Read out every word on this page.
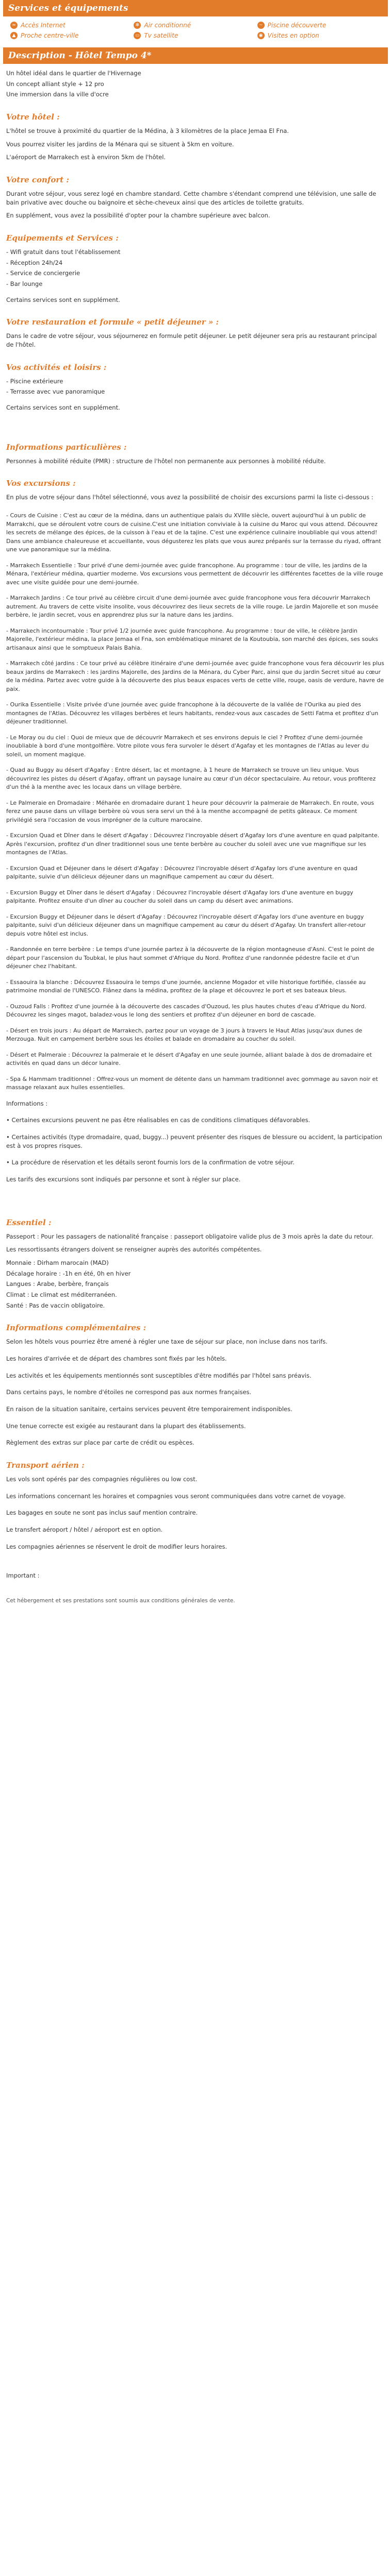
Services et équipements
≈ Accès Internet	✻ Air conditionné	~ Piscine découverte
▲ Proche centre-ville	▭ Tv satellite	◉ Visites en option
Description - Hôtel Tempo 4*

Un hôtel idéal dans le quartier de l'Hivernage

Un concept alliant style + 12 pro

Une immersion dans la ville d'ocre

Votre hôtel :

L'hôtel se trouve à proximité du quartier de la Médina, à 3 kilomètres de la place Jemaa El Fna.

Vous pourrez visiter les jardins de la Ménara qui se situent à 5km en voiture.

L'aéroport de Marrakech est à environ 5km de l'hôtel.

Votre confort :

Durant votre séjour, vous serez logé en chambre standard. Cette chambre s'étendant comprend une télévision, une salle de bain privative avec douche ou baignoire et sèche-cheveux ainsi que des articles de toilette gratuits.

En supplément, vous avez la possibilité d'opter pour la chambre supérieure avec balcon.

Equipements et Services :

- Wifi gratuit dans tout l'établissement

- Réception 24h/24

- Service de conciergerie

- Bar lounge

Certains services sont en supplément.

Votre restauration et formule « petit déjeuner » :

Dans le cadre de votre séjour, vous séjournerez en formule petit déjeuner. Le petit déjeuner sera pris au restaurant principal de l'hôtel.

Vos activités et loisirs :

- Piscine extérieure

- Terrasse avec vue panoramique

Certains services sont en supplément.

Informations particulières :

Personnes à mobilité réduite (PMR) : structure de l'hôtel non permanente aux personnes à mobilité réduite.

Vos excursions :

En plus de votre séjour dans l'hôtel sélectionné, vous avez la possibilité de choisir des excursions parmi la liste ci-dessous :

- Cours de Cuisine : C'est au cœur de la médina, dans un authentique palais du XVIIIe siècle, ouvert aujourd'hui à un public de Marrakchi, que se déroulent votre cours de cuisine.C'est une initiation conviviale à la cuisine du Maroc qui vous attend. Découvrez les secrets de mélange des épices, de la cuisson à l'eau et de la tajine. C'est une expérience culinaire inoubliable qui vous attend! Dans une ambiance chaleureuse et accueillante, vous dégusterez les plats que vous aurez préparés sur la terrasse du riyad, offrant une vue panoramique sur la médina.

- Marrakech Essentielle : Tour privé d'une demi-journée avec guide francophone. Au programme : tour de ville, les jardins de la Ménara, l'extérieur médina, quartier moderne. Vos excursions vous permettent de découvrir les différentes facettes de la ville rouge avec une visite guidée pour une demi-journée.

- Marrakech Jardins : Ce tour privé au célèbre circuit d'une demi-journée avec guide francophone vous fera découvrir Marrakech autrement. Au travers de cette visite insolite, vous découvrirez des lieux secrets de la ville rouge. Le jardin Majorelle et son musée berbère, le jardin secret, vous en apprendrez plus sur la nature dans les jardins.

- Marrakech incontournable : Tour privé 1/2 journée avec guide francophone. Au programme : tour de ville, le célèbre Jardin Majorelle, l'extérieur médina, la place Jemaa el Fna, son emblématique minaret de la Koutoubia, son marché des épices, ses souks artisanaux ainsi que le somptueux Palais Bahia.

- Marrakech côté jardins : Ce tour privé au célèbre itinéraire d'une demi-journée avec guide francophone vous fera découvrir les plus beaux jardins de Marrakech : les jardins Majorelle, des Jardins de la Ménara, du Cyber Parc, ainsi que du jardin Secret situé au cœur de la médina. Partez avec votre guide à la découverte des plus beaux espaces verts de cette ville, rouge, oasis de verdure, havre de paix.

- Ourika Essentielle : Visite privée d'une journée avec guide francophone à la découverte de la vallée de l'Ourika au pied des montagnes de l'Atlas. Découvrez les villages berbères et leurs habitants, rendez-vous aux cascades de Setti Fatma et profitez d'un déjeuner traditionnel.

- Le Moray ou du ciel : Quoi de mieux que de découvrir Marrakech et ses environs depuis le ciel ? Profitez d'une demi-journée inoubliable à bord d'une montgolfière. Votre pilote vous fera survoler le désert d'Agafay et les montagnes de l'Atlas au lever du soleil, un moment magique.

- Quad au Buggy au désert d'Agafay : Entre désert, lac et montagne, à 1 heure de Marrakech se trouve un lieu unique. Vous découvrirez les pistes du désert d'Agafay, offrant un paysage lunaire au cœur d'un décor spectaculaire. Au retour, vous profiterez d'un thé à la menthe avec les locaux dans un village berbère.

- Le Palmeraie en Dromadaire : Méharée en dromadaire durant 1 heure pour découvrir la palmeraie de Marrakech. En route, vous ferez une pause dans un village berbère où vous sera servi un thé à la menthe accompagné de petits gâteaux. Ce moment privilégié sera l'occasion de vous imprégner de la culture marocaine.

- Excursion Quad et Dîner dans le désert d'Agafay : Découvrez l'incroyable désert d'Agafay lors d'une aventure en quad palpitante. Après l'excursion, profitez d'un dîner traditionnel sous une tente berbère au coucher du soleil avec une vue magnifique sur les montagnes de l'Atlas.

- Excursion Quad et Déjeuner dans le désert d'Agafay : Découvrez l'incroyable désert d'Agafay lors d'une aventure en quad palpitante, suivie d'un délicieux déjeuner dans un magnifique campement au cœur du désert.

- Excursion Buggy et Dîner dans le désert d'Agafay : Découvrez l'incroyable désert d'Agafay lors d'une aventure en buggy palpitante. Profitez ensuite d'un dîner au coucher du soleil dans un camp du désert avec animations.

- Excursion Buggy et Déjeuner dans le désert d'Agafay : Découvrez l'incroyable désert d'Agafay lors d'une aventure en buggy palpitante, suivi d'un délicieux déjeuner dans un magnifique campement au cœur du désert d'Agafay. Un transfert aller-retour depuis votre hôtel est inclus.

- Randonnée en terre berbère : Le temps d'une journée partez à la découverte de la région montagneuse d'Asni. C'est le point de départ pour l'ascension du Toubkal, le plus haut sommet d'Afrique du Nord. Profitez d'une randonnée pédestre facile et d'un déjeuner chez l'habitant.

- Essaouira la blanche : Découvrez Essaouira le temps d'une journée, ancienne Mogador et ville historique fortifiée, classée au patrimoine mondial de l'UNESCO. Flânez dans la médina, profitez de la plage et découvrez le port et ses bateaux bleus.

- Ouzoud Falls : Profitez d'une journée à la découverte des cascades d'Ouzoud, les plus hautes chutes d'eau d'Afrique du Nord. Découvrez les singes magot, baladez-vous le long des sentiers et profitez d'un déjeuner en bord de cascade.

- Désert en trois jours : Au départ de Marrakech, partez pour un voyage de 3 jours à travers le Haut Atlas jusqu'aux dunes de Merzouga. Nuit en campement berbère sous les étoiles et balade en dromadaire au coucher du soleil.

- Désert et Palmeraie : Découvrez la palmeraie et le désert d'Agafay en une seule journée, alliant balade à dos de dromadaire et activités en quad dans un décor lunaire.

- Spa & Hammam traditionnel : Offrez-vous un moment de détente dans un hammam traditionnel avec gommage au savon noir et massage relaxant aux huiles essentielles.

Informations :

• Certaines excursions peuvent ne pas être réalisables en cas de conditions climatiques défavorables.

• Certaines activités (type dromadaire, quad, buggy...) peuvent présenter des risques de blessure ou accident, la participation est à vos propres risques.

• La procédure de réservation et les détails seront fournis lors de la confirmation de votre séjour.

Les tarifs des excursions sont indiqués par personne et sont à régler sur place.

Essentiel :

Passeport : Pour les passagers de nationalité française : passeport obligatoire valide plus de 3 mois après la date du retour.

Les ressortissants étrangers doivent se renseigner auprès des autorités compétentes.

Monnaie : Dirham marocain (MAD)

Décalage horaire : -1h en été, 0h en hiver

Langues : Arabe, berbère, français

Climat : Le climat est méditerranéen.

Santé : Pas de vaccin obligatoire.

Informations complémentaires :

Selon les hôtels vous pourriez être amené à régler une taxe de séjour sur place, non incluse dans nos tarifs.

Les horaires d'arrivée et de départ des chambres sont fixés par les hôtels.

Les activités et les équipements mentionnés sont susceptibles d'être modifiés par l'hôtel sans préavis.

Dans certains pays, le nombre d'étoiles ne correspond pas aux normes françaises.

En raison de la situation sanitaire, certains services peuvent être temporairement indisponibles.

Une tenue correcte est exigée au restaurant dans la plupart des établissements.

Règlement des extras sur place par carte de crédit ou espèces.

Transport aérien :

Les vols sont opérés par des compagnies régulières ou low cost.

Les informations concernant les horaires et compagnies vous seront communiquées dans votre carnet de voyage.

Les bagages en soute ne sont pas inclus sauf mention contraire.

Le transfert aéroport / hôtel / aéroport est en option.

Les compagnies aériennes se réservent le droit de modifier leurs horaires.

Important :

Cet hébergement et ses prestations sont soumis aux conditions générales de vente.
